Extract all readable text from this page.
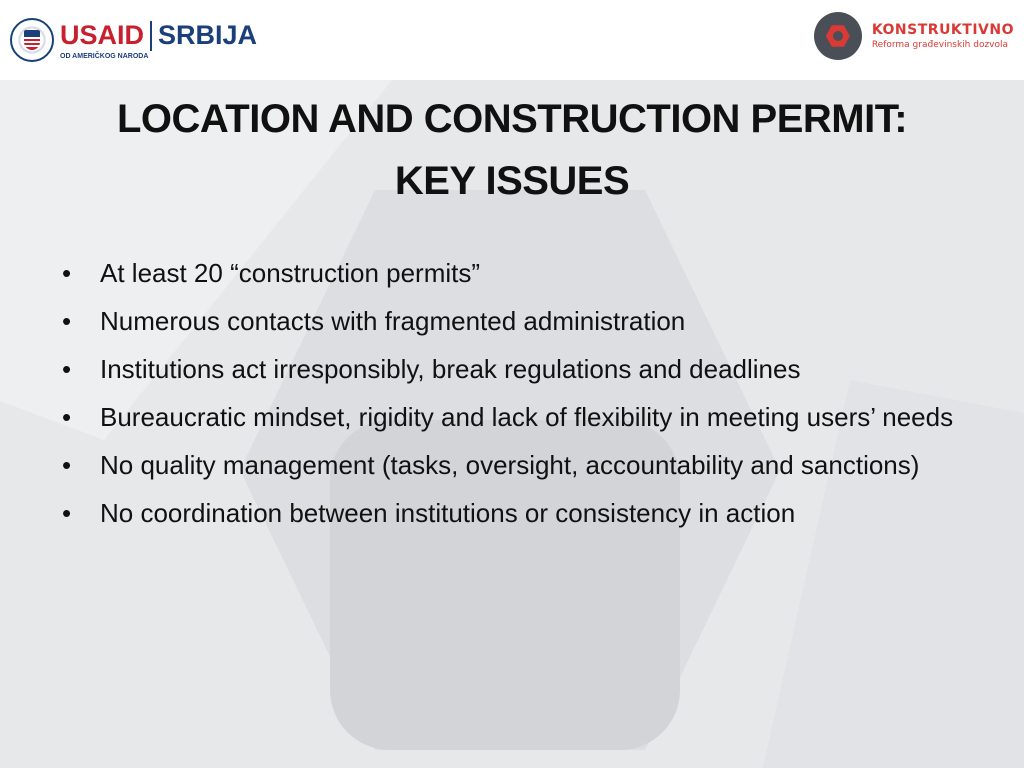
USAID SRBIJA
OD AMERIČKOG NARODA
KONSTRUKTIVNO
Reforma građevinskih dozvola
LOCATION AND CONSTRUCTION PERMIT:
KEY ISSUES
• At least 20 “construction permits”
• Numerous contacts with fragmented administration
• Institutions act irresponsibly, break regulations and deadlines
• Bureaucratic mindset, rigidity and lack of flexibility in meeting users’ needs
• No quality management (tasks, oversight, accountability and sanctions)
• No coordination between institutions or consistency in action
